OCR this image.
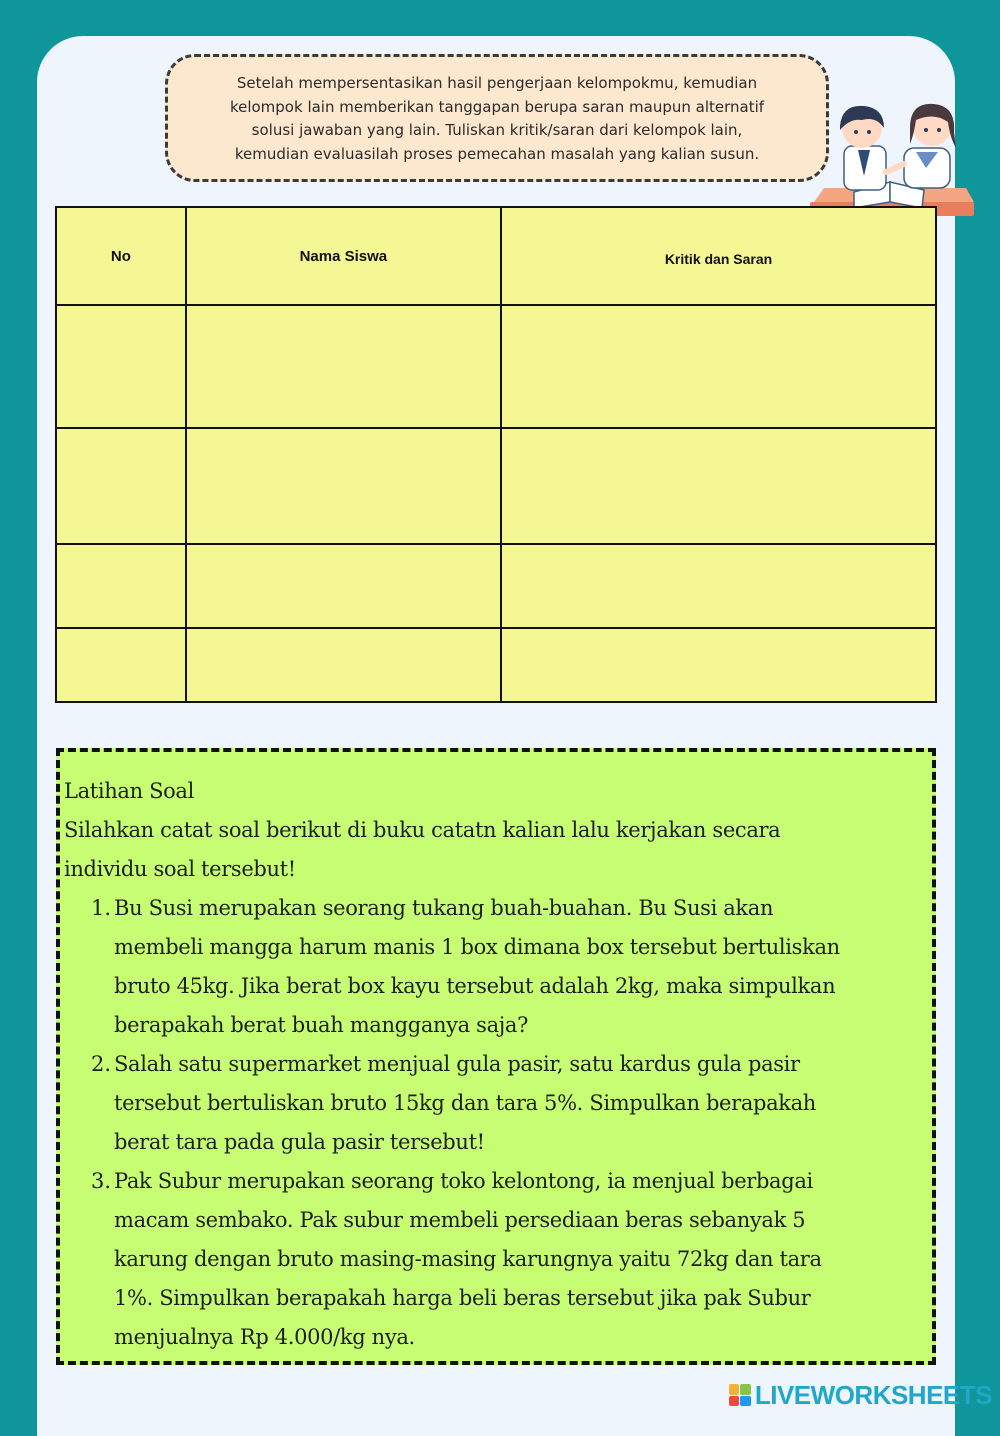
Setelah mempersentasikan hasil pengerjaan kelompokmu, kemudian
kelompok lain memberikan tanggapan berupa saran maupun alternatif
solusi jawaban yang lain. Tuliskan kritik/saran dari kelompok lain,
kemudian evaluasilah proses pemecahan masalah yang kalian susun.
No	Nama Siswa	Kritik dan Saran

Latihan Soal
Silahkan catat soal berikut di buku catatn kalian lalu kerjakan secara
individu soal tersebut!
1. Bu Susi merupakan seorang tukang buah-buahan. Bu Susi akan
membeli mangga harum manis 1 box dimana box tersebut bertuliskan
bruto 45kg. Jika berat box kayu tersebut adalah 2kg, maka simpulkan
berapakah berat buah mangganya saja?
2. Salah satu supermarket menjual gula pasir, satu kardus gula pasir
tersebut bertuliskan bruto 15kg dan tara 5%. Simpulkan berapakah
berat tara pada gula pasir tersebut!
3. Pak Subur merupakan seorang toko kelontong, ia menjual berbagai
macam sembako. Pak subur membeli persediaan beras sebanyak 5
karung dengan bruto masing-masing karungnya yaitu 72kg dan tara
1%. Simpulkan berapakah harga beli beras tersebut jika pak Subur
menjualnya Rp 4.000/kg nya.
LIVEWORKSHEETS
